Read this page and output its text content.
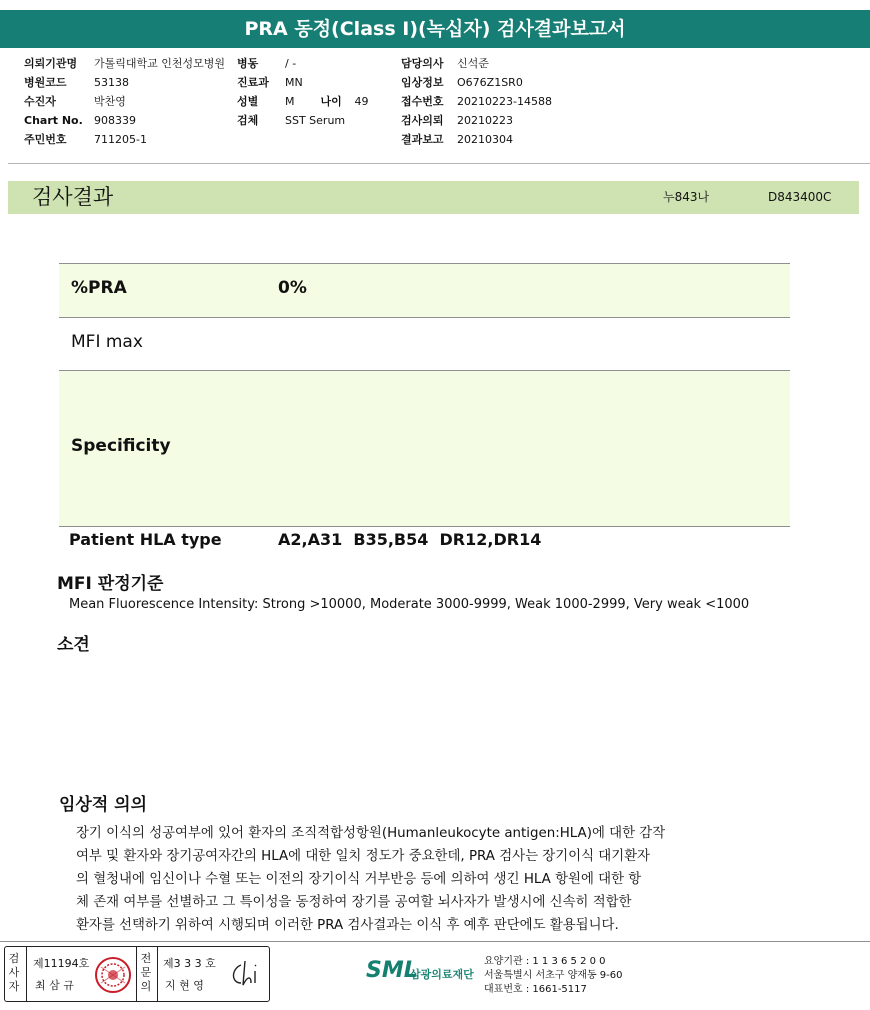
PRA 동정(Class I)(녹십자) 검사결과보고서
의뢰기관명	가톨릭대학교 인천성모병원
병원코드	53138
수진자	박찬영
Chart No.	908339
주민번호	711205-1
병동	/ -
진료과	MN
성별	M 나이	49
검체	SST Serum
담당의사	신석준
임상정보	O676Z1SR0
접수번호	20210223-14588
검사의뢰	20210223
결과보고	20210304
검사결과	누843나	D843400C
%PRA	0%
MFI max
Specificity
Patient HLA type	A2,A31  B35,B54  DR12,DR14
MFI 판정기준
Mean Fluorescence Intensity: Strong >10000, Moderate 3000-9999, Weak 1000-2999, Very weak <1000
소견
임상적 의의
장기 이식의 성공여부에 있어 환자의 조직적합성항원(Humanleukocyte antigen:HLA)에 대한 감작
여부 및 환자와 장기공여자간의 HLA에 대한 일치 정도가 중요한데, PRA 검사는 장기이식 대기환자
의 혈청내에 임신이나 수혈 또는 이전의 장기이식 거부반응 등에 의하여 생긴 HLA 항원에 대한 항
체 존재 여부를 선별하고 그 특이성을 동정하여 장기를 공여할 뇌사자가 발생시에 신속히 적합한
환자를 선택하기 위하여 시행되며 이러한 PRA 검사결과는 이식 후 예후 판단에도 활용됩니다.
검사자
제11194호
최 삼 규
전문의
제3 3 3 호
지 현 영
SML
삼광의료재단
요양기관 : 1 1 3 6 5 2 0 0
서울특별시 서초구 양재동 9-60
대표번호 : 1661-5117
